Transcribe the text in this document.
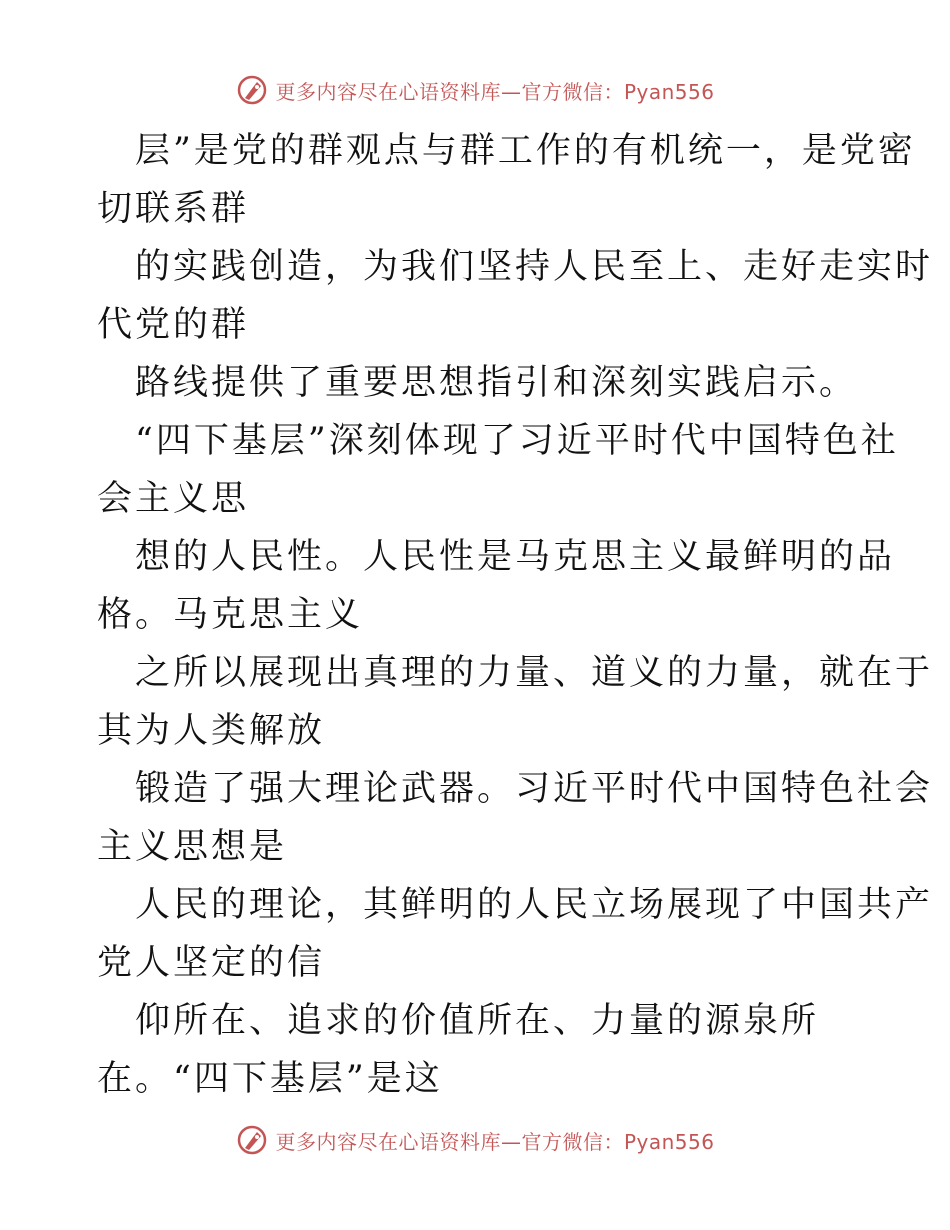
更多内容尽在心语资料库—官方微信：Pyan556
层”是党的群观点与群工作的有机统一，是党密
切联系群
的实践创造，为我们坚持人民至上、走好走实时
代党的群
路线提供了重要思想指引和深刻实践启示。
“四下基层”深刻体现了习近平时代中国特色社
会主义思
想的人民性。人民性是马克思主义最鲜明的品
格。马克思主义
之所以展现出真理的力量、道义的力量，就在于
其为人类解放
锻造了强大理论武器。习近平时代中国特色社会
主义思想是
人民的理论，其鲜明的人民立场展现了中国共产
党人坚定的信
仰所在、追求的价值所在、力量的源泉所
在。“四下基层”是这
更多内容尽在心语资料库—官方微信：Pyan556
